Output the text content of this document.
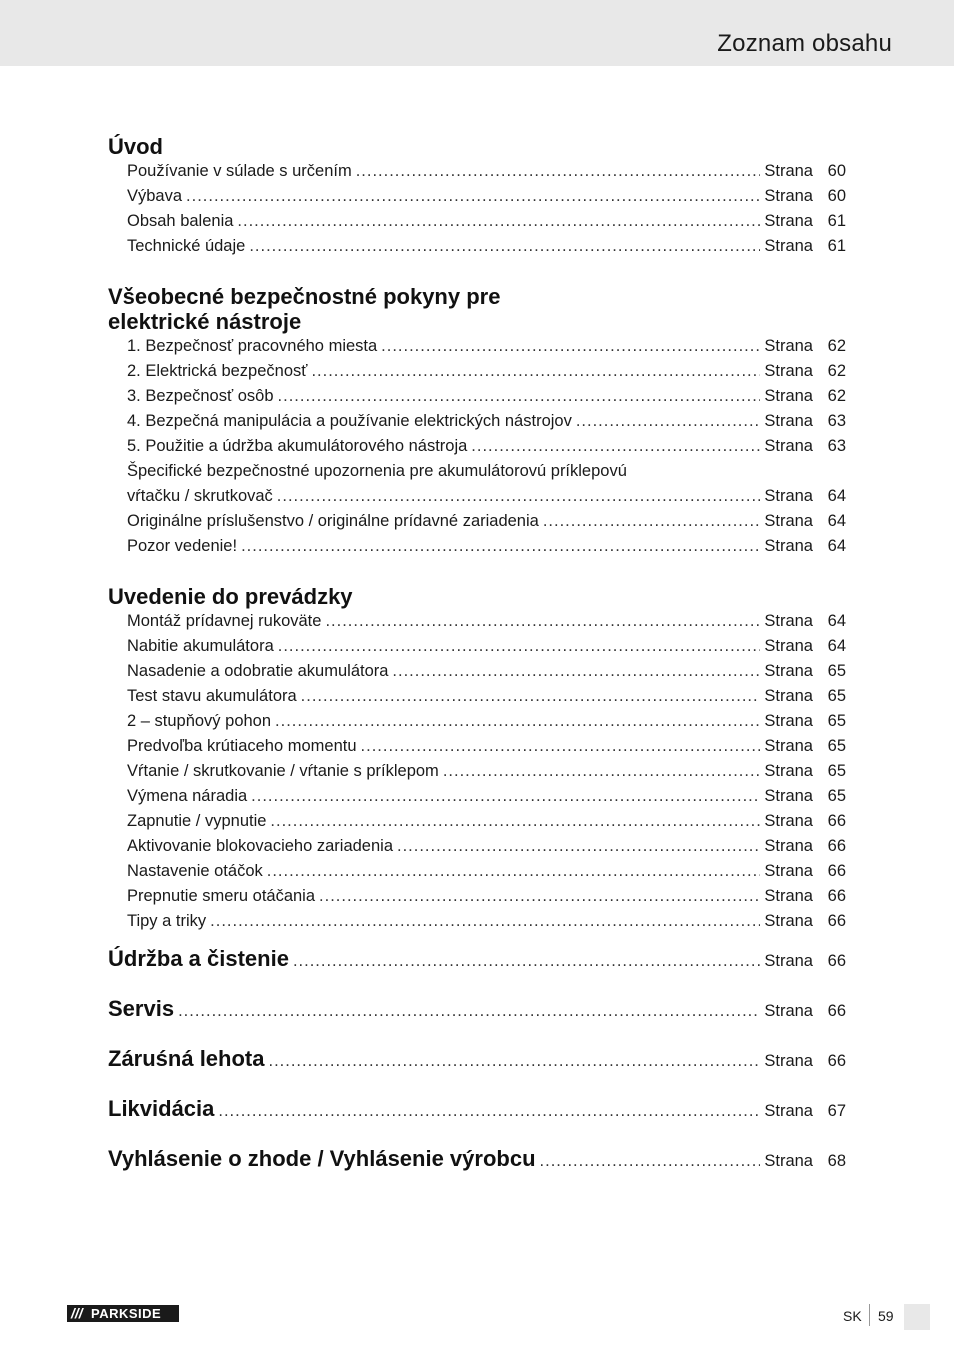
Zoznam obsahu
Úvod
Používanie v súlade s určením .....	Strana 60
Výbava .....	Strana 60
Obsah balenia .....	Strana 61
Technické údaje .....	Strana 61
Všeobecné bezpečnostné pokyny pre
elektrické nástroje
1. Bezpečnosť pracovného miesta .....	Strana 62
2. Elektrická bezpečnosť .....	Strana 62
3. Bezpečnosť osôb .....	Strana 62
4. Bezpečná manipulácia a používanie elektrických nástrojov .....	Strana 63
5. Použitie a údržba akumulátorového nástroja .....	Strana 63
Špecifické bezpečnostné upozornenia pre akumulátorovú príklepovú
vŕtačku / skrutkovač .....	Strana 64
Originálne príslušenstvo / originálne prídavné zariadenia .....	Strana 64
Pozor vedenie! .....	Strana 64
Uvedenie do prevádzky
Montáž prídavnej rukoväte .....	Strana 64
Nabitie akumulátora .....	Strana 64
Nasadenie a odobratie akumulátora .....	Strana 65
Test stavu akumulátora .....	Strana 65
2 – stupňový pohon .....	Strana 65
Predvoľba krútiaceho momentu .....	Strana 65
Vŕtanie / skrutkovanie / vŕtanie s príklepom .....	Strana 65
Výmena náradia .....	Strana 65
Zapnutie / vypnutie .....	Strana 66
Aktivovanie blokovacieho zariadenia .....	Strana 66
Nastavenie otáčok .....	Strana 66
Prepnutie smeru otáčania .....	Strana 66
Tipy a triky .....	Strana 66
Údržba a čistenie .....	Strana 66
Servis .....	Strana 66
Záruśná lehota .....	Strana 66
Likvidácia .....	Strana 67
Vyhlásenie o zhode / Vyhlásenie výrobcu .....	Strana 68
/// PARKSIDE	SK 59
